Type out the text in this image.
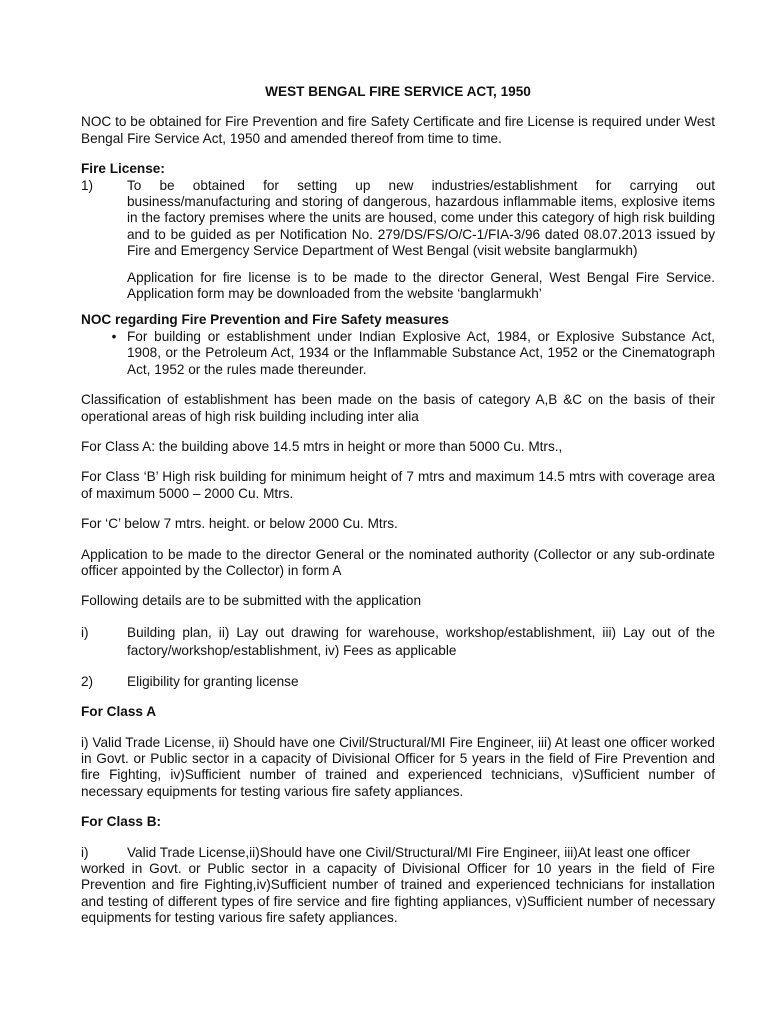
WEST BENGAL FIRE SERVICE ACT, 1950

NOC to be obtained for Fire Prevention and fire Safety Certificate and fire License is required under West Bengal Fire Service Act, 1950 and amended thereof from time to time.

Fire License:

1)	To be obtained for setting up new industries/establishment for carrying out business/manufacturing and storing of dangerous, hazardous inflammable items, explosive items in the factory premises where the units are housed, come under this category of high risk building and to be guided as per Notification No. 279/DS/FS/O/C-1/FIA-3/96 dated 08.07.2013 issued by Fire and Emergency Service Department of West Bengal (visit website banglarmukh)

Application for fire license is to be made to the director General, West Bengal Fire Service. Application form may be downloaded from the website ‘banglarmukh’

NOC regarding Fire Prevention and Fire Safety measures

• For building or establishment under Indian Explosive Act, 1984, or Explosive Substance Act, 1908, or the Petroleum Act, 1934 or the Inflammable Substance Act, 1952 or the Cinematograph Act, 1952 or the rules made thereunder.

Classification of establishment has been made on the basis of category A,B &C on the basis of their operational areas of high risk building including inter alia

For Class A: the building above 14.5 mtrs in height or more than 5000 Cu. Mtrs.,

For Class ‘B’ High risk building for minimum height of 7 mtrs and maximum 14.5 mtrs with coverage area of maximum 5000 – 2000 Cu. Mtrs.

For ‘C’ below 7 mtrs. height. or below 2000 Cu. Mtrs.

Application to be made to the director General or the nominated authority (Collector or any sub-ordinate officer appointed by the Collector) in form A

Following details are to be submitted with the application

i)	Building plan, ii) Lay out drawing for warehouse, workshop/establishment, iii) Lay out of the factory/workshop/establishment, iv) Fees as applicable

2)	Eligibility for granting license

For Class A

i) Valid Trade License, ii) Should have one Civil/Structural/MI Fire Engineer, iii) At least one officer worked in Govt. or Public sector in a capacity of Divisional Officer for 5 years in the field of Fire Prevention and fire Fighting, iv)Sufficient number of trained and experienced technicians, v)Sufficient number of necessary equipments for testing various fire safety appliances.

For Class B:

i)	Valid Trade License,ii)Should have one Civil/Structural/MI Fire Engineer, iii)At least one officer

worked in Govt. or Public sector in a capacity of Divisional Officer for 10 years in the field of Fire Prevention and fire Fighting,iv)Sufficient number of trained and experienced technicians for installation and testing of different types of fire service and fire fighting appliances, v)Sufficient number of necessary equipments for testing various fire safety appliances.
